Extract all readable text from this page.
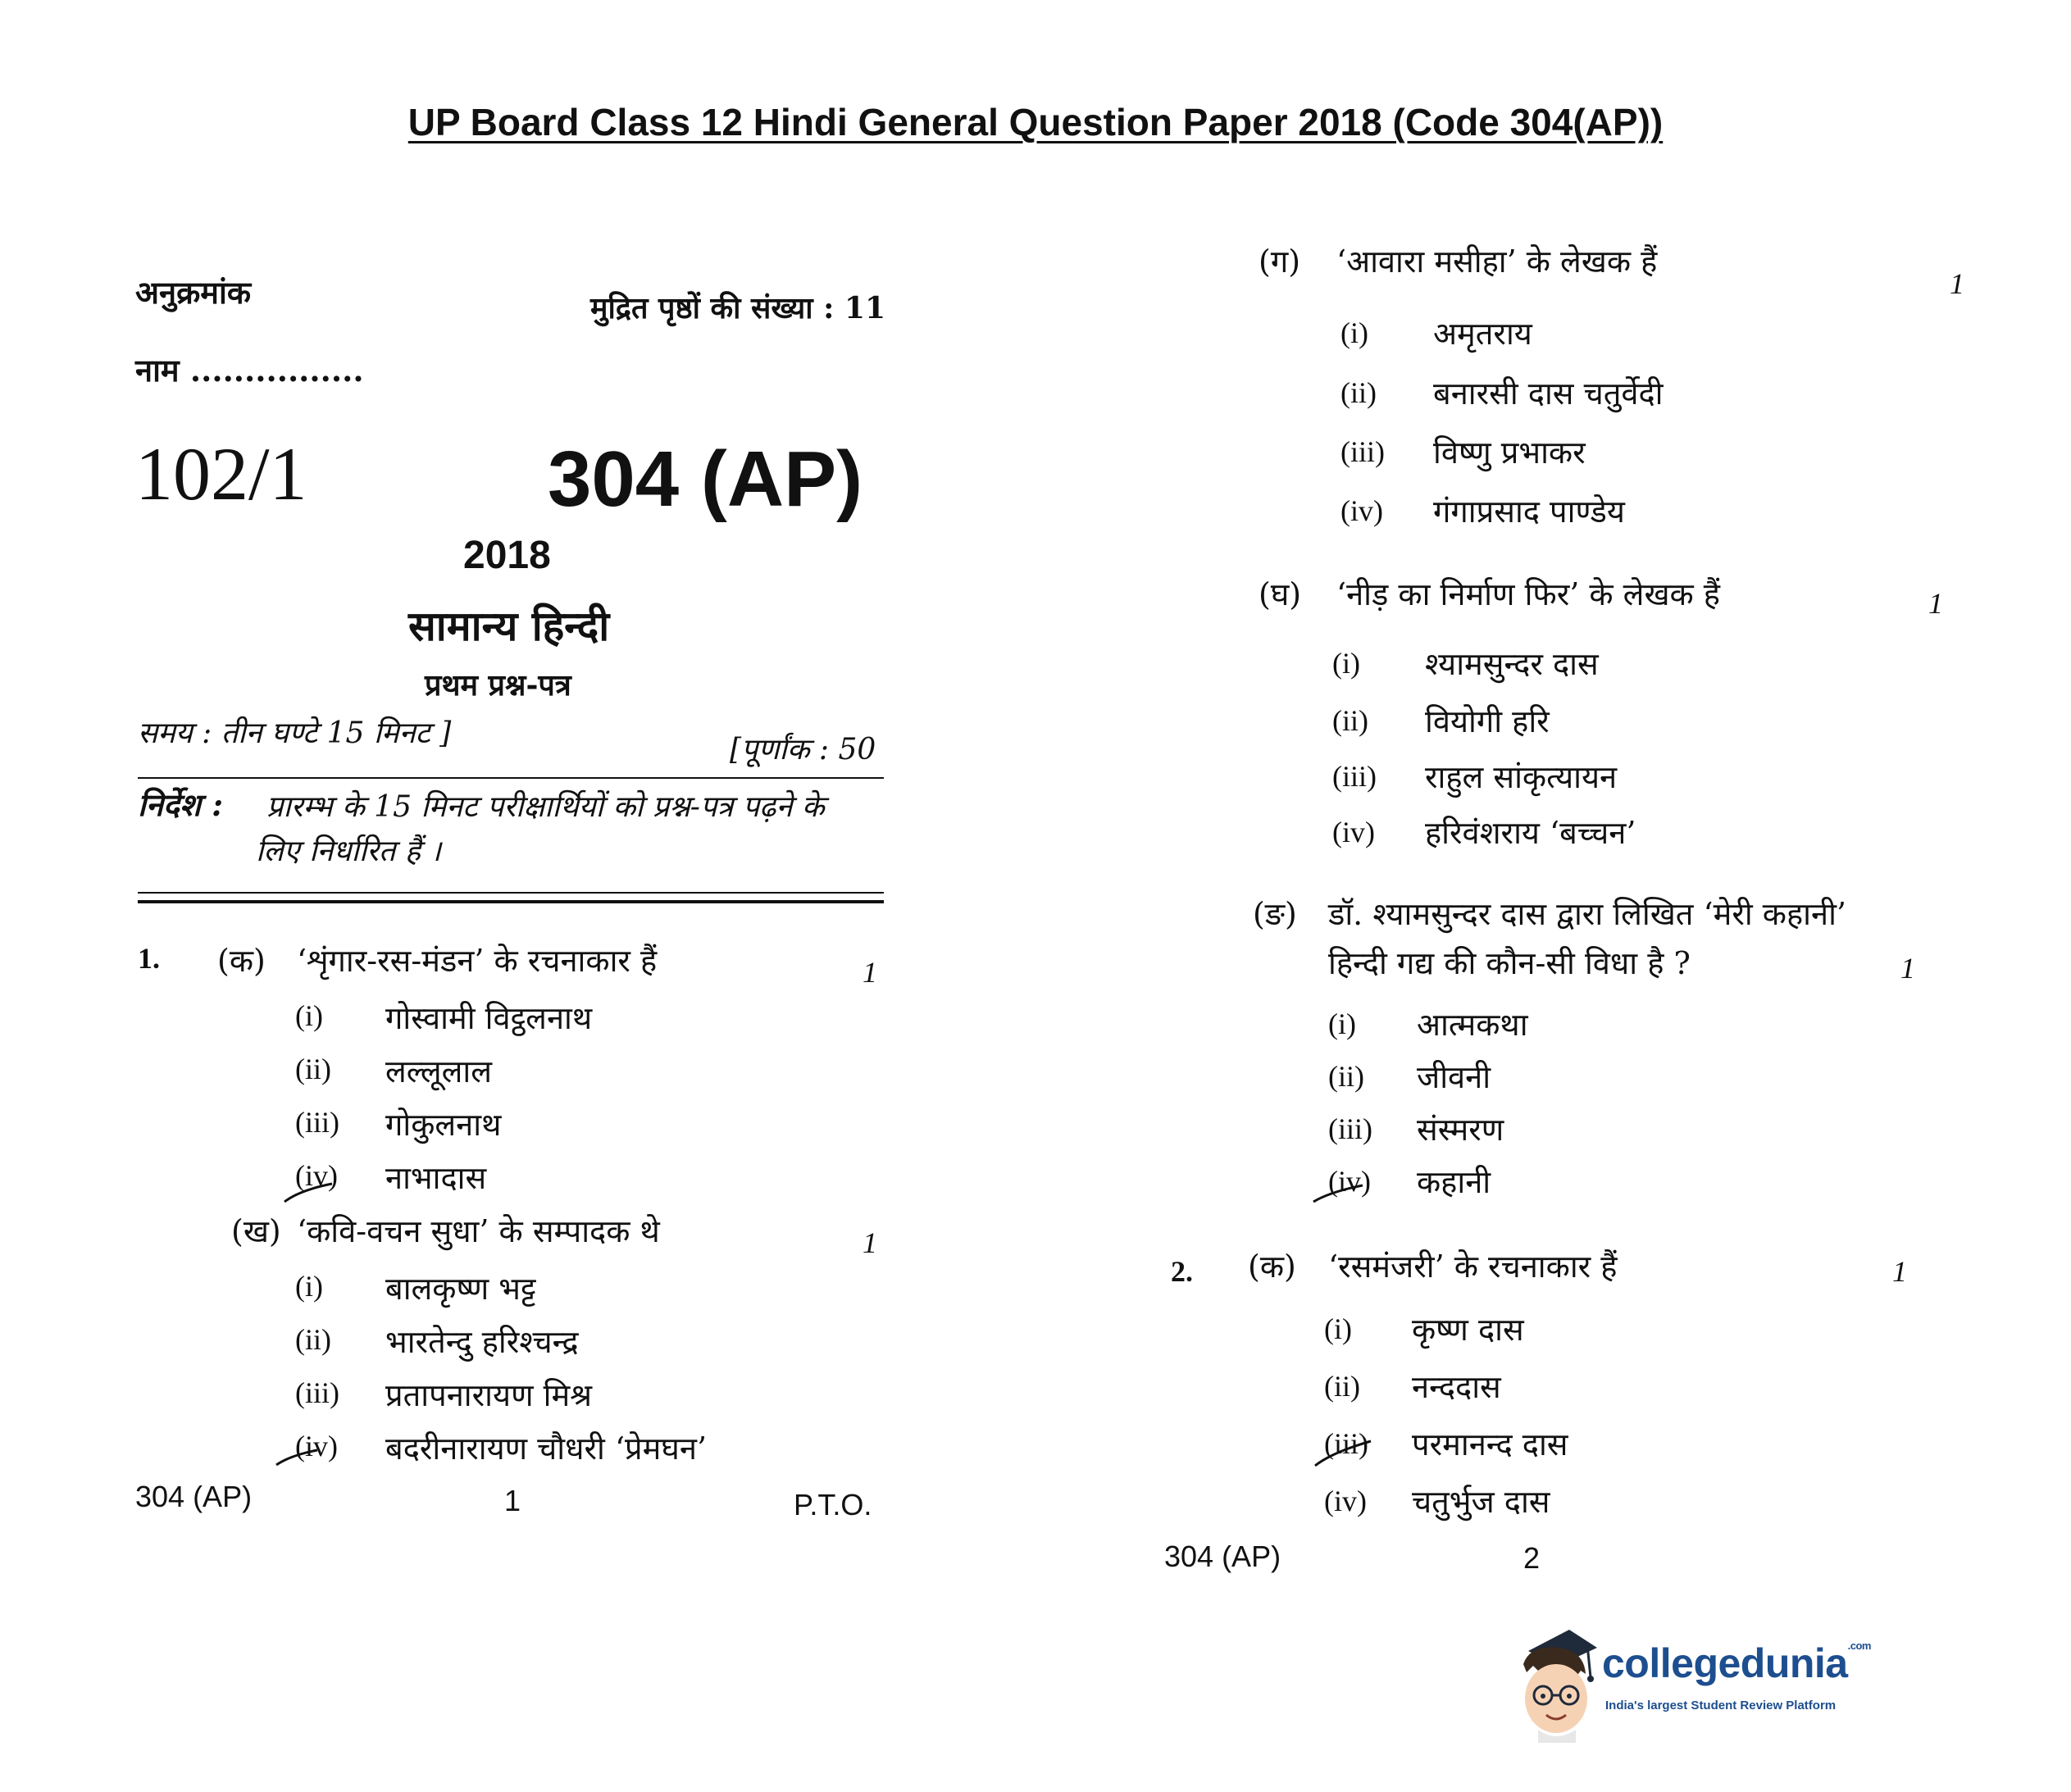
UP Board Class 12 Hindi General Question Paper 2018 (Code 304(AP))
अनुक्रमांक	मुद्रित पृष्ठों की संख्या : 11
नाम ................
102/1	304 (AP)
2018
सामान्य हिन्दी
प्रथम प्रश्न-पत्र
समय : तीन घण्टे 15 मिनट ]	[पूर्णांक : 50
निर्देश : प्रारम्भ के 15 मिनट परीक्षार्थियों को प्रश्न-पत्र पढ़ने के
लिए निर्धारित हैं ।
1. (क) ‘शृंगार-रस-मंडन’ के रचनाकार हैं	1
(i) गोस्वामी विट्ठलनाथ
(ii) लल्लूलाल
(iii) गोकुलनाथ
(iv) नाभादास
(ख) ‘कवि-वचन सुधा’ के सम्पादक थे	1
(i) बालकृष्ण भट्ट
(ii) भारतेन्दु हरिश्चन्द्र
(iii) प्रतापनारायण मिश्र
(iv) बदरीनारायण चौधरी ‘प्रेमघन’
304 (AP)	1	P.T.O.
(ग) ‘आवारा मसीहा’ के लेखक हैं
1
(i) अमृतराय
(ii) बनारसी दास चतुर्वेदी
(iii) विष्णु प्रभाकर
(iv) गंगाप्रसाद पाण्डेय
(घ) ‘नीड़ का निर्माण फिर’ के लेखक हैं	1
(i) श्यामसुन्दर दास
(ii) वियोगी हरि
(iii) राहुल सांकृत्यायन
(iv) हरिवंशराय ‘बच्चन’
(ङ) डॉ. श्यामसुन्दर दास द्वारा लिखित ‘मेरी कहानी’
हिन्दी गद्य की कौन-सी विधा है ?	1
(i) आत्मकथा
(ii) जीवनी
(iii) संस्मरण
(iv) कहानी
2. (क) ‘रसमंजरी’ के रचनाकार हैं	1
(i) कृष्ण दास
(ii) नन्ददास
(iii) परमानन्द दास
(iv) चतुर्भुज दास
304 (AP)	2
collegedunia$^{.com}$
India's largest Student Review Platform
